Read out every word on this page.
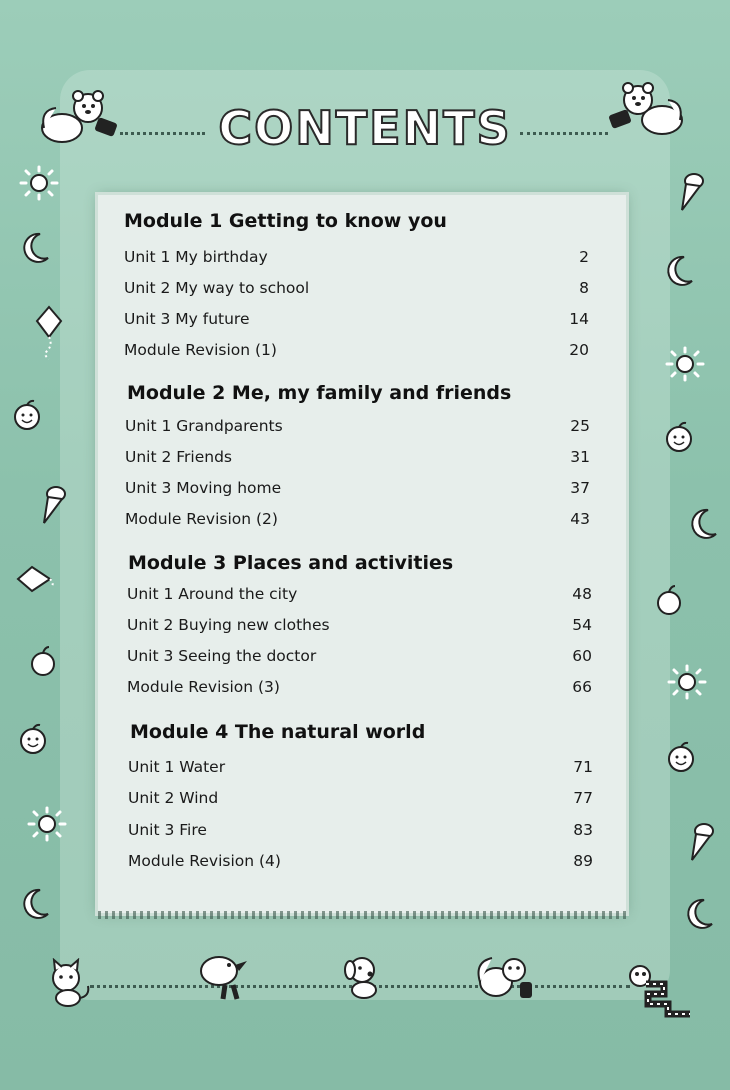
CONTENTS
Module 1 Getting to know you
Unit 1 My birthday	2
Unit 2 My way to school	8
Unit 3 My future	14
Module Revision (1)	20
Module 2 Me, my family and friends
Unit 1 Grandparents	25
Unit 2 Friends	31
Unit 3 Moving home	37
Module Revision (2)	43
Module 3 Places and activities
Unit 1 Around the city	48
Unit 2 Buying new clothes	54
Unit 3 Seeing the doctor	60
Module Revision (3)	66
Module 4 The natural world
Unit 1 Water	71
Unit 2 Wind	77
Unit 3 Fire	83
Module Revision (4)	89
